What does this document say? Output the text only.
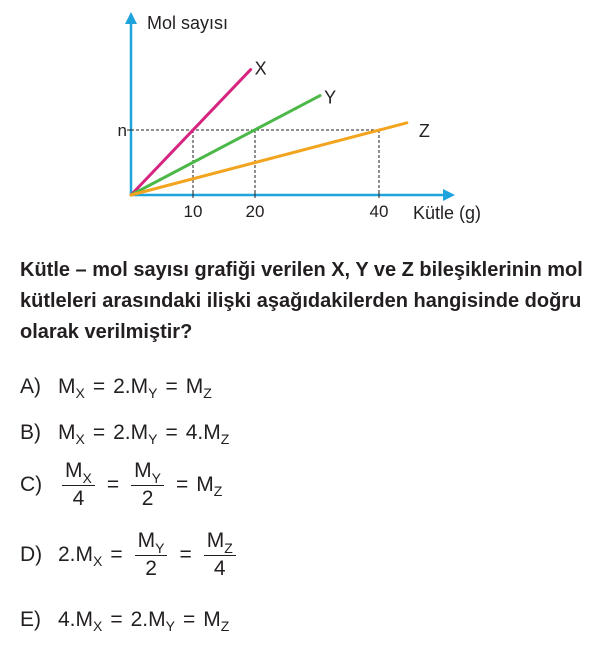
X
Y
Z
10	20	40
n
Mol sayısı
Kütle (g)

Kütle – mol sayısı grafiği verilen X, Y ve Z bileşiklerinin mol kütleleri arasındaki ilişki aşağıdakilerden hangisinde doğru olarak verilmiştir?

A) M X = 2.M Y = M Z
B) M X = 2.M Y = 4.M Z
$C) \frac{M_X}{4} = \frac{M_Y}{2} = M$ Z
D) 2.M $X = \frac{M_Y}{2} = \frac{M_Z}{4}$
E) 4.M X = 2.M Y = M Z
